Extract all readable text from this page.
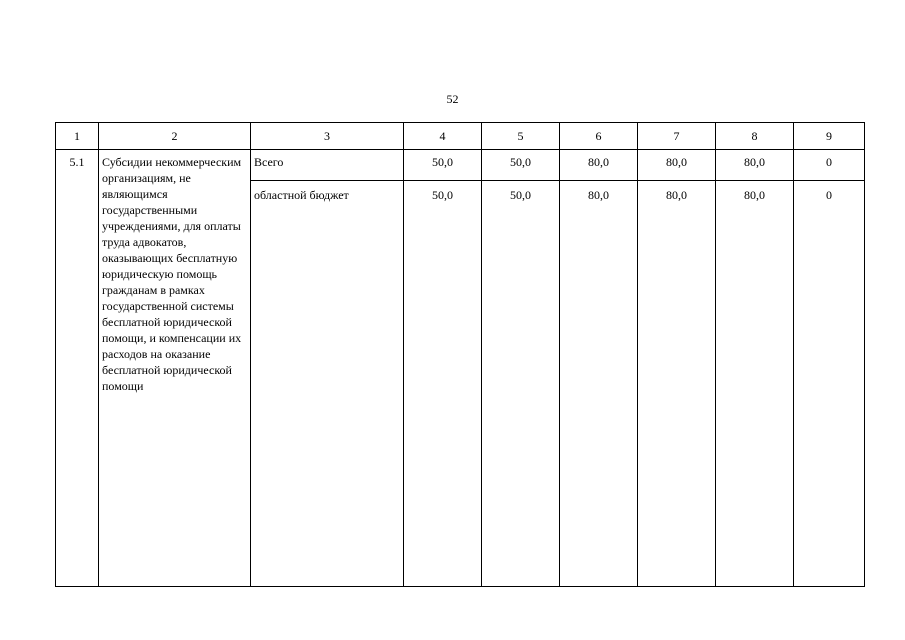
52
1	2	3	4	5	6	7	8	9
5.1	Субсидии некоммерческим организациям, не являющимся государственными учреждениями, для оплаты труда адвокатов, оказывающих бесплатную юридическую помощь гражданам в рамках государственной системы бесплатной юридической помощи, и компенсации их расходов на оказание бесплатной юридической помощи	Всего	50,0	50,0	80,0	80,0	80,0	0
		областной бюджет	50,0	50,0	80,0	80,0	80,0	0
